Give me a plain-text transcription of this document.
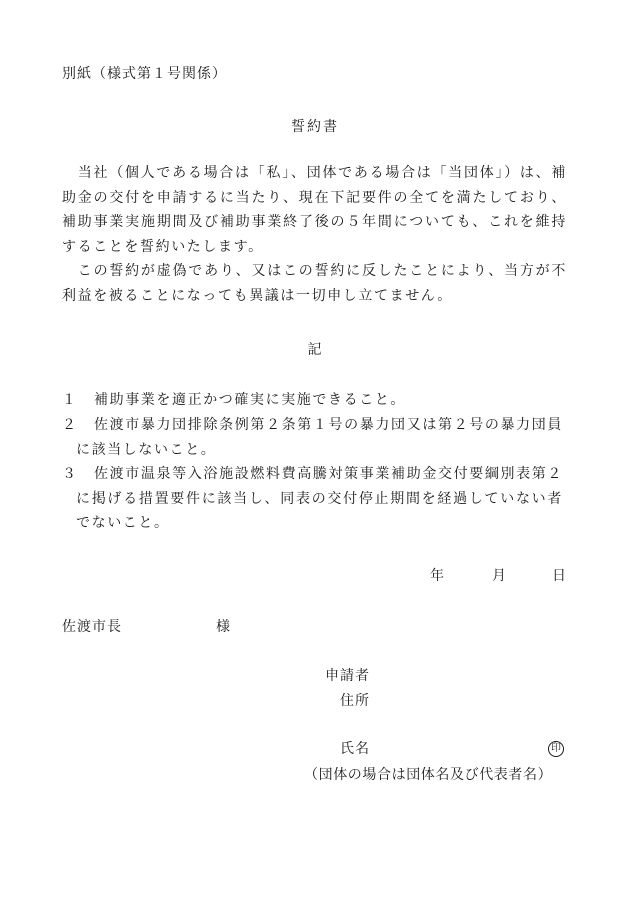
別紙（様式第１号関係）
誓約書
　当社（個人である場合は「私」、団体である場合は「当団体」）は、補助金の交付を申請するに当たり、現在下記要件の全てを満たしており、補助事業実施期間及び補助事業終了後の５年間についても、これを維持することを誓約いたします。
　この誓約が虚偽であり、又はこの誓約に反したことにより、当方が不利益を被ることになっても異議は一切申し立てません。
記
１	補助事業を適正かつ確実に実施できること。
２	佐渡市暴力団排除条例第２条第１号の暴力団又は第２号の暴力団員に該当しないこと。
３	佐渡市温泉等入浴施設燃料費高騰対策事業補助金交付要綱別表第２に掲げる措置要件に該当し、同表の交付停止期間を経過していない者でないこと。
年	月	日
佐渡市長	様
申請者
住所
氏名	印
（団体の場合は団体名及び代表者名）
